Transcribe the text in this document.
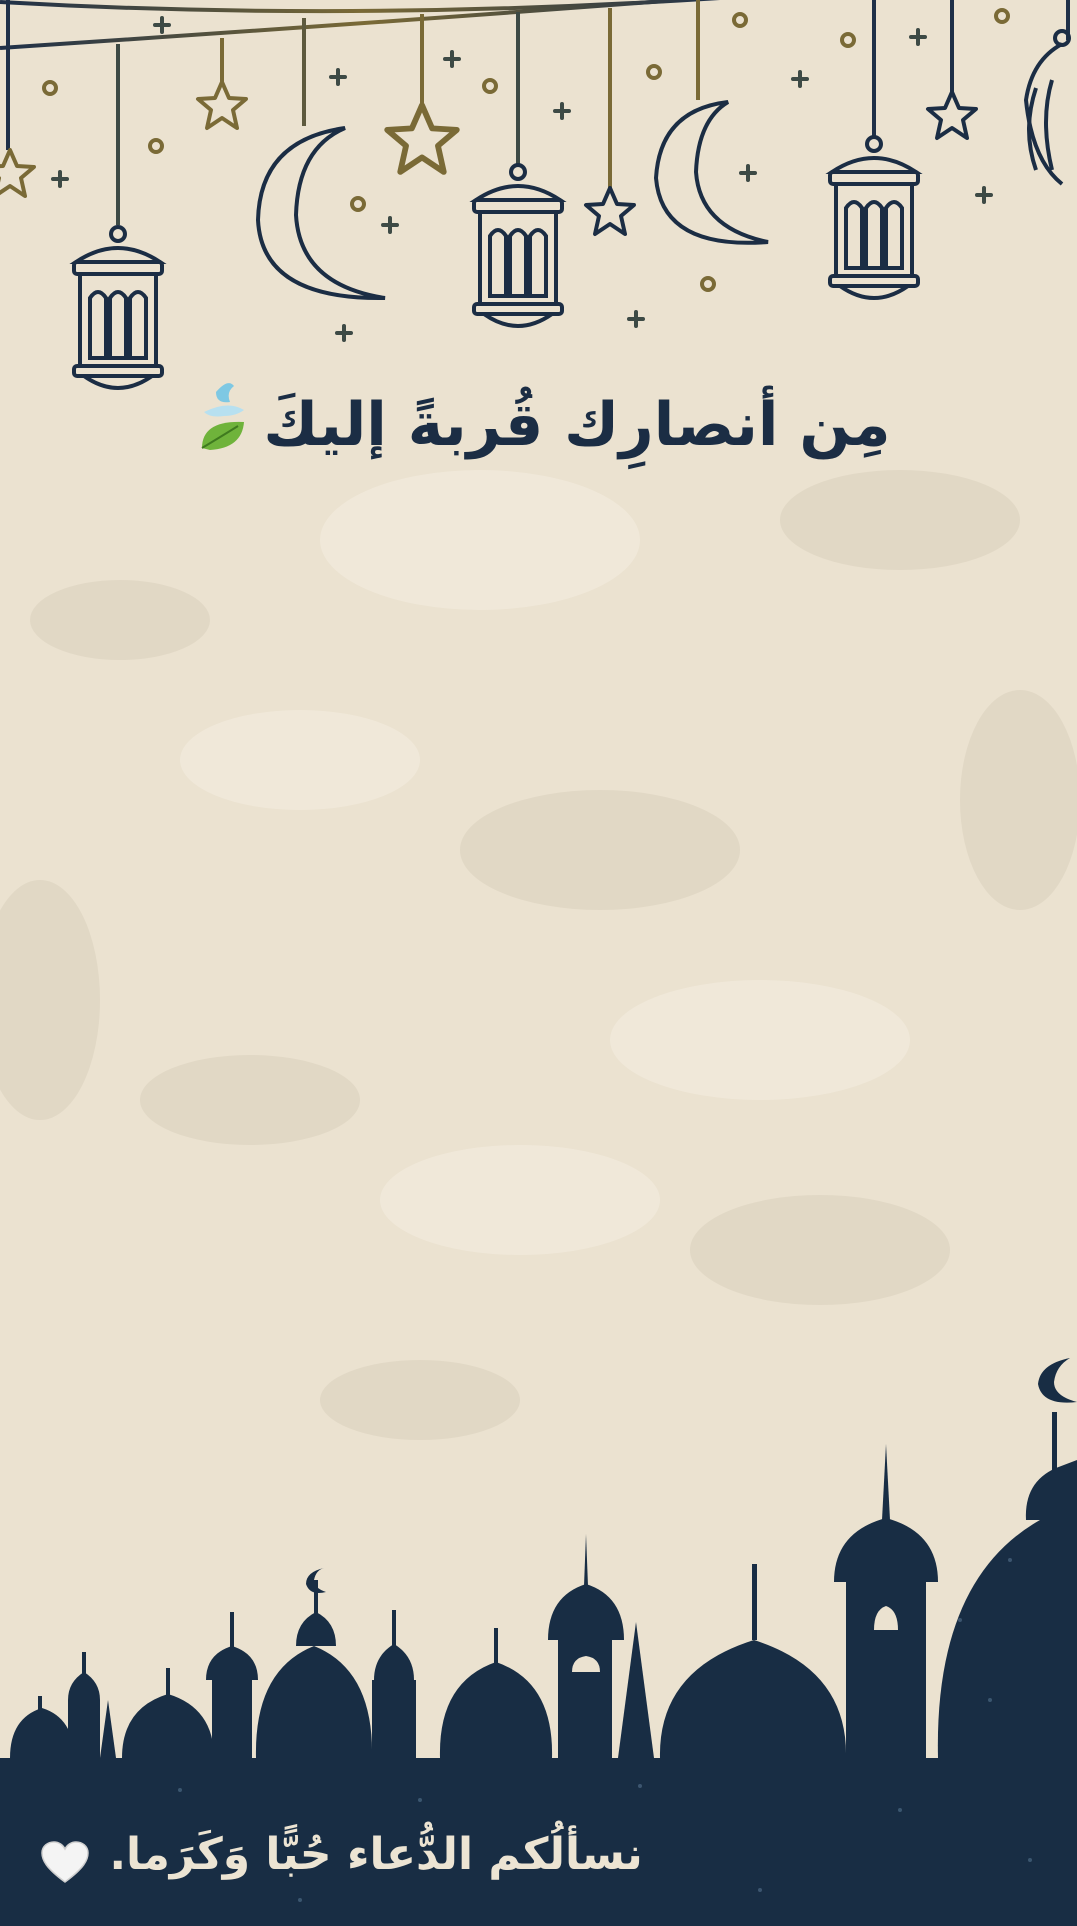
مِن أنصارِك قُربةً إليكَ
نسألُكم الدُّعاء حُبًّا وَكَرَما.
